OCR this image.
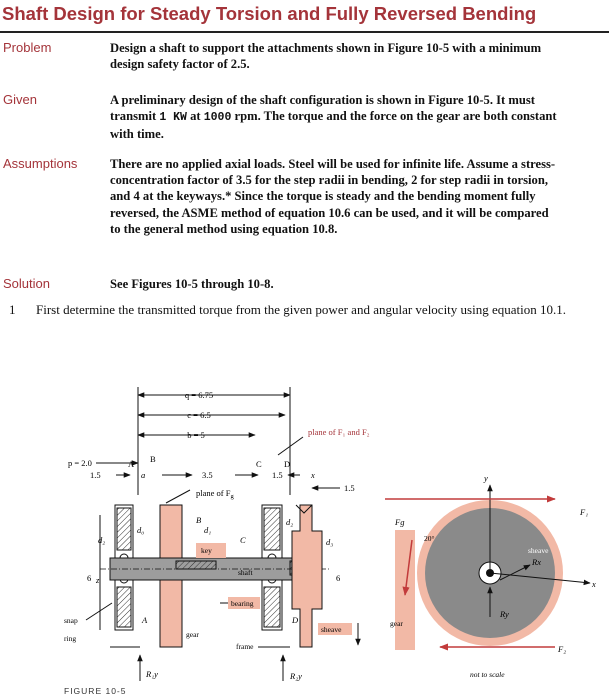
Shaft Design for Steady Torsion and Fully Reversed Bending
Problem	Design a shaft to support the attachments shown in Figure 10-5 with a minimum design safety factor of 2.5.

Given	A preliminary design of the shaft configuration is shown in Figure 10-5. It must transmit 1 KW at 1000 rpm. The torque and the force on the gear are both constant with time.

Assumptions	There are no applied axial loads. Steel will be used for infinite life. Assume a stress-concentration factor of 3.5 for the step radii in bending, 2 for step radii in torsion, and 4 at the keyways.* Since the torque is steady and the bending moment fully reversed, the ASME method of equation 10.6 can be used, and it will be compared to the general method using equation 10.8.

Solution	See Figures 10-5 through 10-8.

1 First determine the transmitted torque from the given power and angular velocity using equation 10.1.
q = 6.75
c = 6.5
b = 5
p = 2.0
1.5	a	3.5	1.5	x
1.5
plane of F₁ and F₂
A B	C	D
plane of $F_g$
6 z	6
d₀
d₂
d₁
d₂
d₃
B
C
A	D
key
shaft
bearing
snap
ring	gear
frame
sheave
R₁y	R₂y
y
x
F₁
F₂
Fg
20°
Rx
Ry
sheave
gear
not to scale
FIGURE 10-5
